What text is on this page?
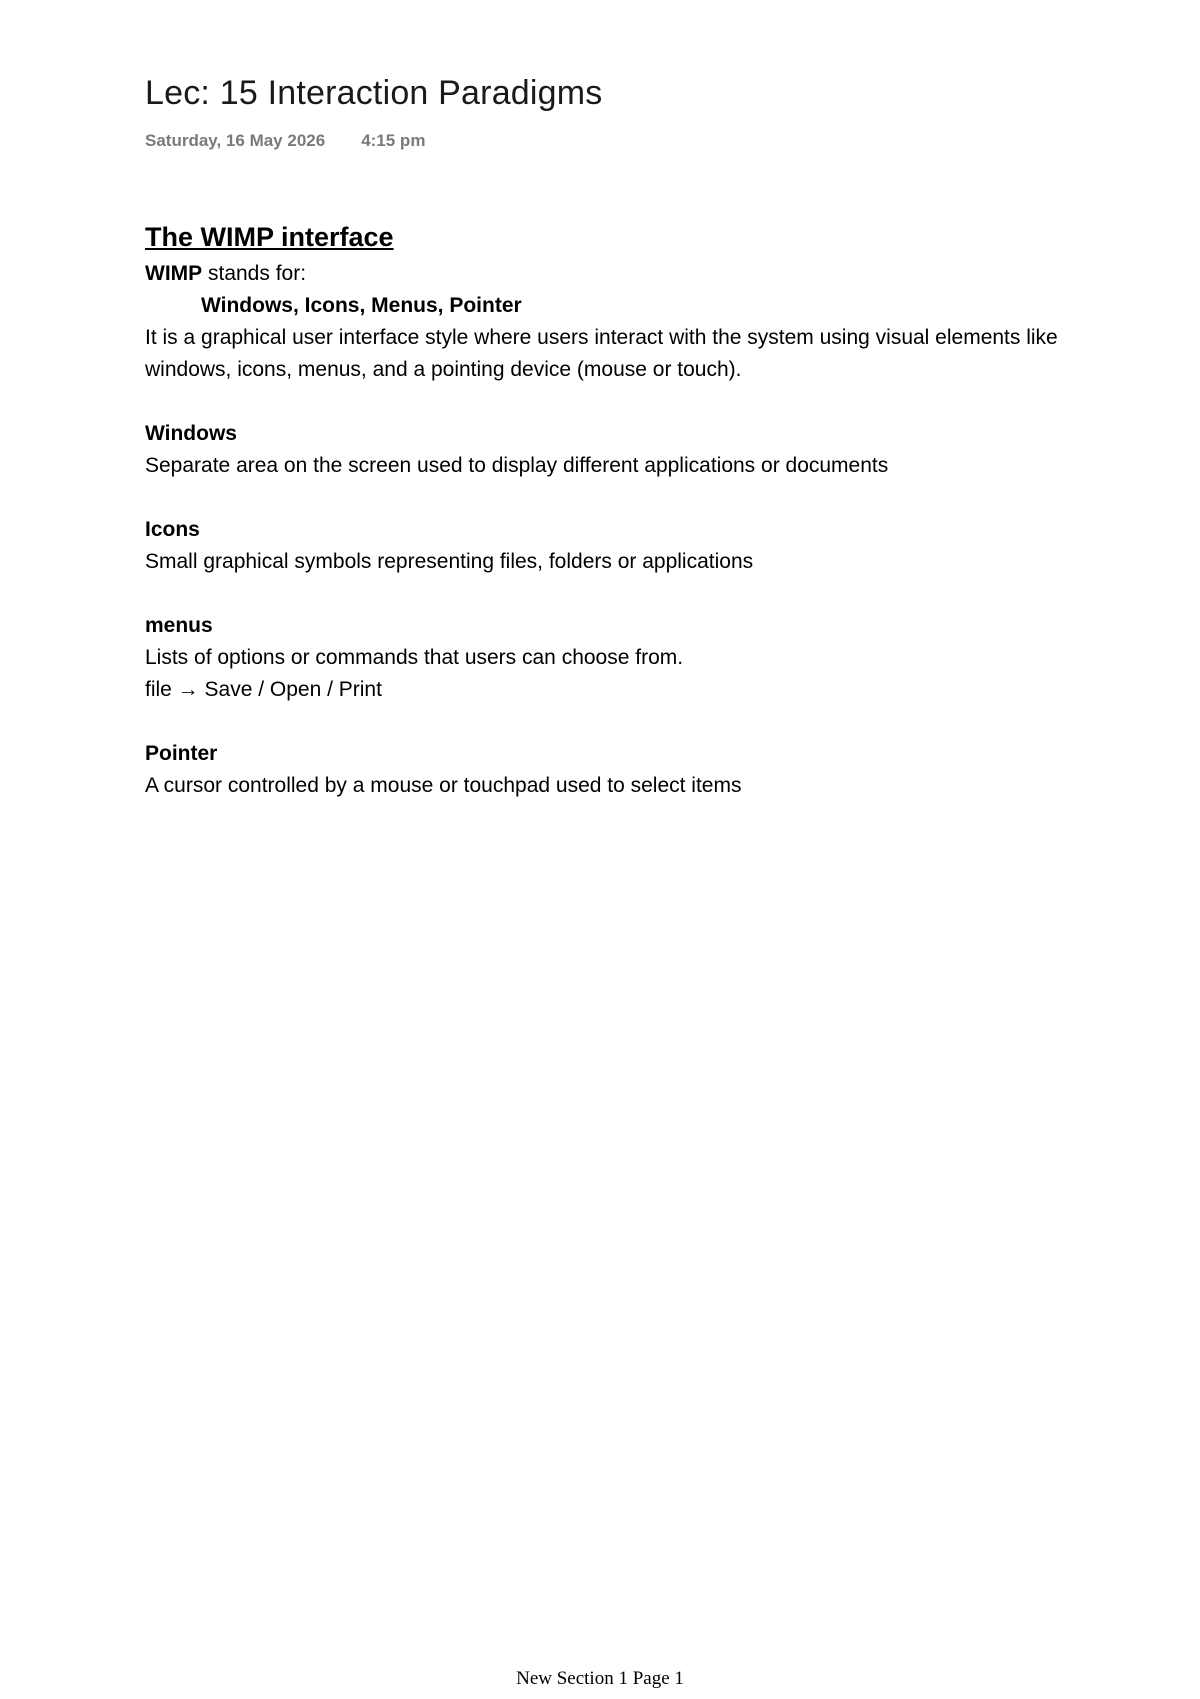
Lec: 15 Interaction Paradigms
Saturday, 16 May 2026 4:15 pm
The WIMP interface

WIMP stands for:

Windows, Icons, Menus, Pointer

It is a graphical user interface style where users interact with the system using visual elements like windows, icons, menus, and a pointing device (mouse or touch).

Windows

Separate area on the screen used to display different applications or documents

Icons

Small graphical symbols representing files, folders or applications

menus

Lists of options or commands that users can choose from.

file → Save / Open / Print

Pointer

A cursor controlled by a mouse or touchpad used to select items

New Section 1 Page 1
